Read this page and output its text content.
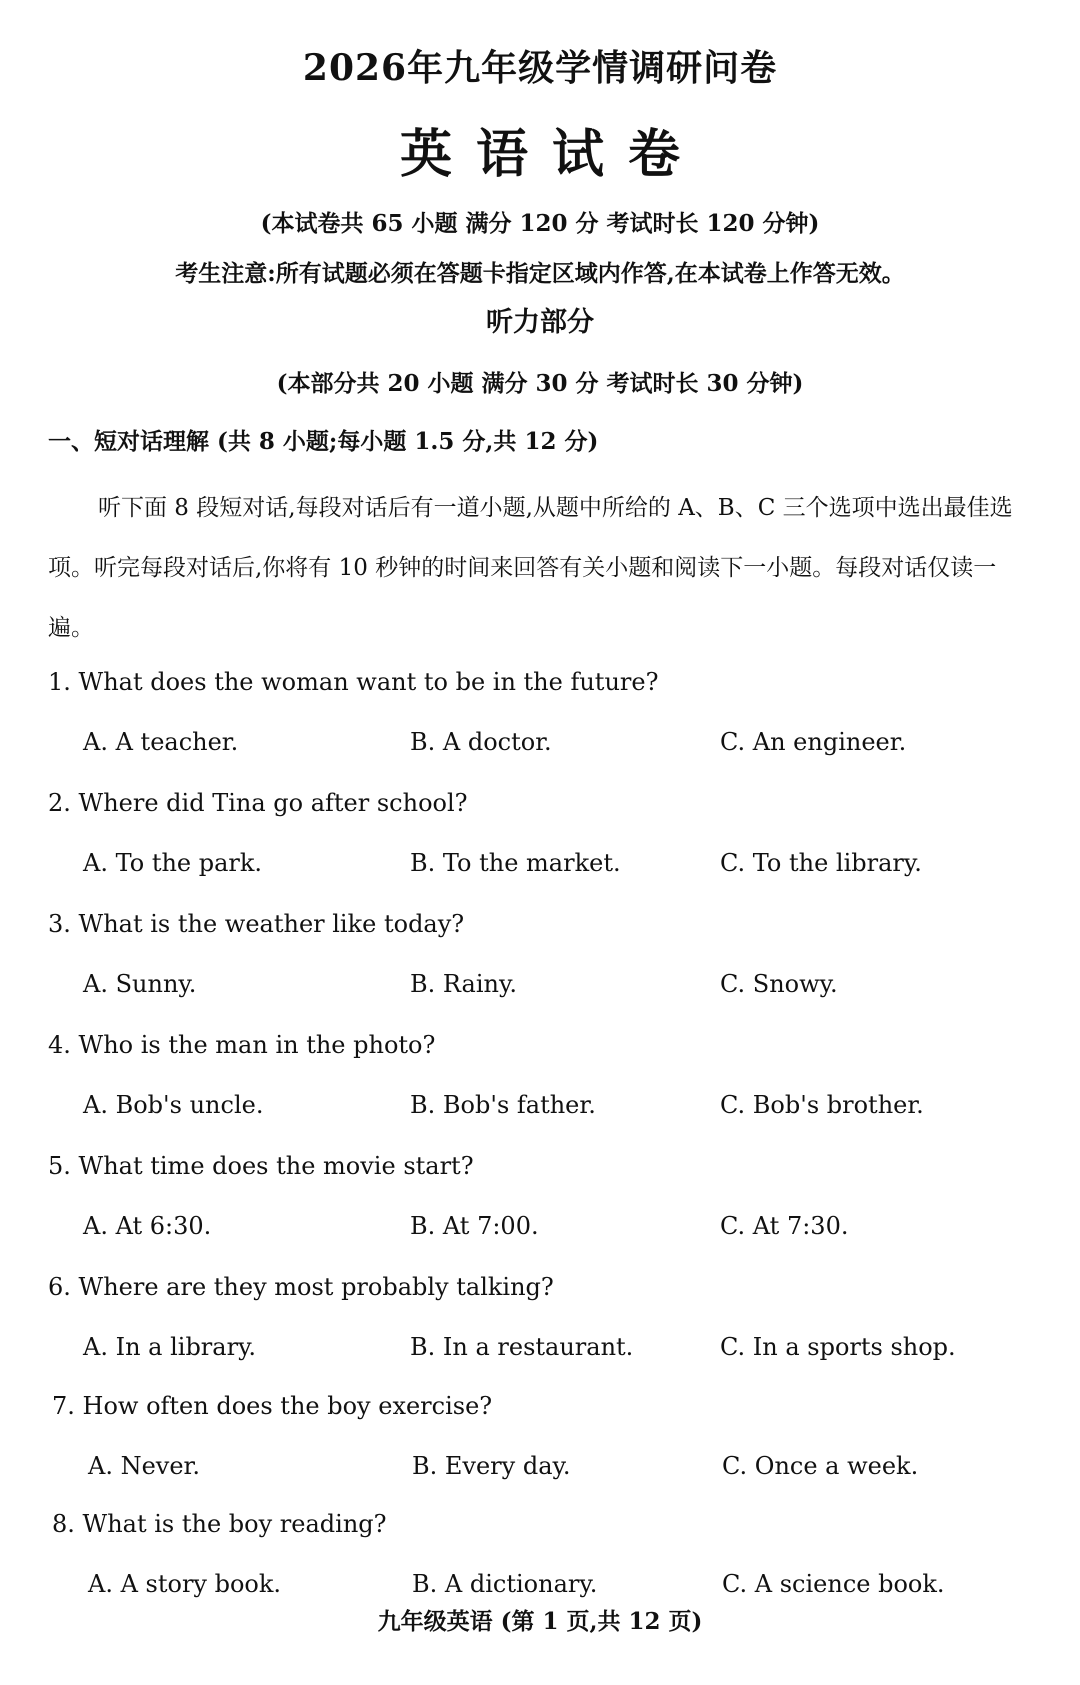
2026年九年级学情调研问卷
英语试卷
(本试卷共 65 小题 满分 120 分 考试时长 120 分钟)
考生注意:所有试题必须在答题卡指定区域内作答,在本试卷上作答无效。
听力部分
(本部分共 20 小题 满分 30 分 考试时长 30 分钟)
一、短对话理解 (共 8 小题;每小题 1.5 分,共 12 分)
听下面 8 段短对话,每段对话后有一道小题,从题中所给的 A、B、C 三个选项中选出最佳选项。听完每段对话后,你将有 10 秒钟的时间来回答有关小题和阅读下一小题。每段对话仅读一遍。
1. What does the woman want to be in the future?
A. A teacher.	B. A doctor.	C. An engineer.
2. Where did Tina go after school?
A. To the park.	B. To the market.	C. To the library.
3. What is the weather like today?
A. Sunny.	B. Rainy.	C. Snowy.
4. Who is the man in the photo?
A. Bob's uncle.	B. Bob's father.	C. Bob's brother.
5. What time does the movie start?
A. At 6:30.	B. At 7:00.	C. At 7:30.
6. Where are they most probably talking?
A. In a library.	B. In a restaurant.	C. In a sports shop.
7. How often does the boy exercise?
A. Never.	B. Every day.	C. Once a week.
8. What is the boy reading?
A. A story book.	B. A dictionary.	C. A science book.
九年级英语 (第 1 页,共 12 页)
